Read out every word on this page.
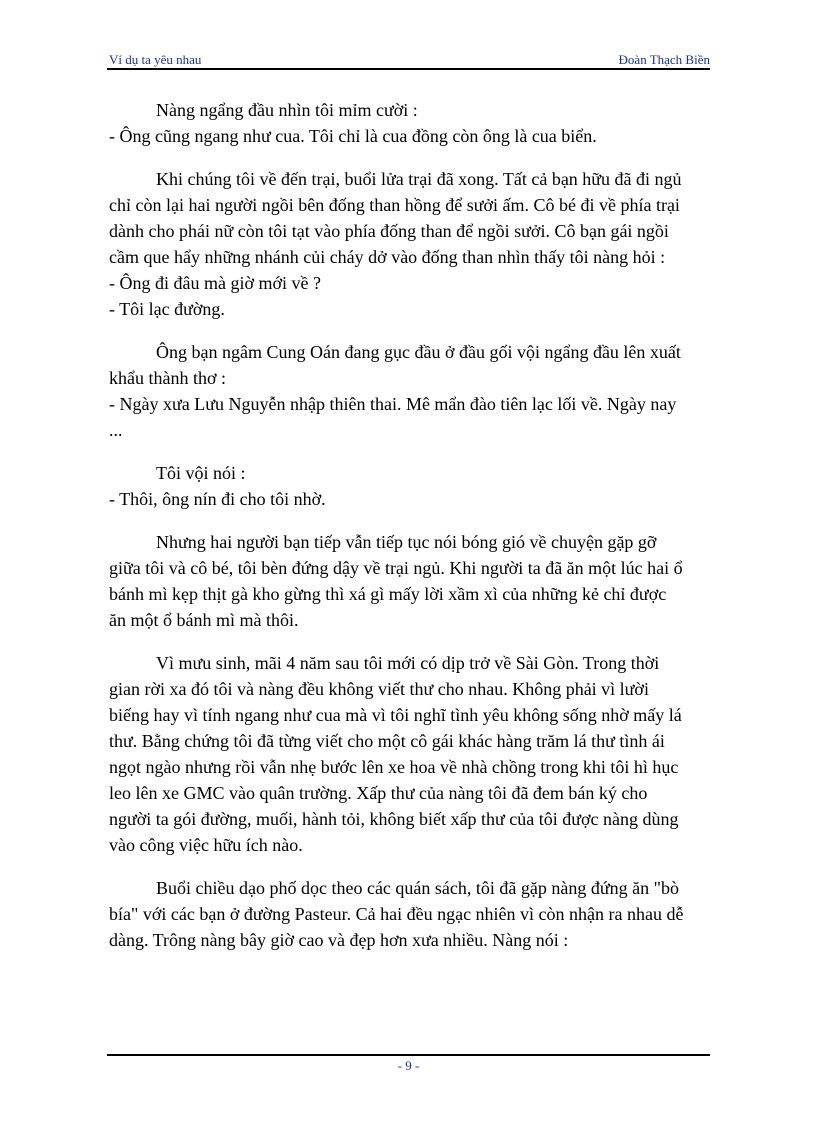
Ví dụ ta yêu nhau	Đoàn Thạch Biền
Nàng ngẩng đầu nhìn tôi mỉm cười :
- Ông cũng ngang như cua. Tôi chỉ là cua đồng còn ông là cua biển.
Khi chúng tôi về đến trại, buổi lửa trại đã xong. Tất cả bạn hữu đã đi ngủ
chỉ còn lại hai người ngồi bên đống than hồng để sưởi ấm. Cô bé đi về phía trại
dành cho phái nữ còn tôi tạt vào phía đống than để ngồi sưởi. Cô bạn gái ngồi
cầm que hẩy những nhánh củi cháy dở vào đống than nhìn thấy tôi nàng hỏi :
- Ông đi đâu mà giờ mới về ?
- Tôi lạc đường.
Ông bạn ngâm Cung Oán đang gục đầu ở đầu gối vội ngẩng đầu lên xuất
khẩu thành thơ :
- Ngày xưa Lưu Nguyễn nhập thiên thai. Mê mẩn đào tiên lạc lối về. Ngày nay
...
Tôi vội nói :
- Thôi, ông nín đi cho tôi nhờ.
Nhưng hai người bạn tiếp vẫn tiếp tục nói bóng gió về chuyện gặp gỡ
giữa tôi và cô bé, tôi bèn đứng dậy về trại ngủ. Khi người ta đã ăn một lúc hai ổ
bánh mì kẹp thịt gà kho gừng thì xá gì mấy lời xầm xì của những kẻ chỉ được
ăn một ổ bánh mì mà thôi.
Vì mưu sinh, mãi 4 năm sau tôi mới có dịp trở về Sài Gòn. Trong thời
gian rời xa đó tôi và nàng đều không viết thư cho nhau. Không phải vì lười
biếng hay vì tính ngang như cua mà vì tôi nghĩ tình yêu không sống nhờ mấy lá
thư. Bằng chứng tôi đã từng viết cho một cô gái khác hàng trăm lá thư tình ái
ngọt ngào nhưng rồi vẫn nhẹ bước lên xe hoa về nhà chồng trong khi tôi hì hục
leo lên xe GMC vào quân trường. Xấp thư của nàng tôi đã đem bán ký cho
người ta gói đường, muối, hành tỏi, không biết xấp thư của tôi được nàng dùng
vào công việc hữu ích nào.
Buổi chiều dạo phố dọc theo các quán sách, tôi đã gặp nàng đứng ăn "bò
bía" với các bạn ở đường Pasteur. Cả hai đều ngạc nhiên vì còn nhận ra nhau dễ
dàng. Trông nàng bây giờ cao và đẹp hơn xưa nhiều. Nàng nói :
- 9 -
